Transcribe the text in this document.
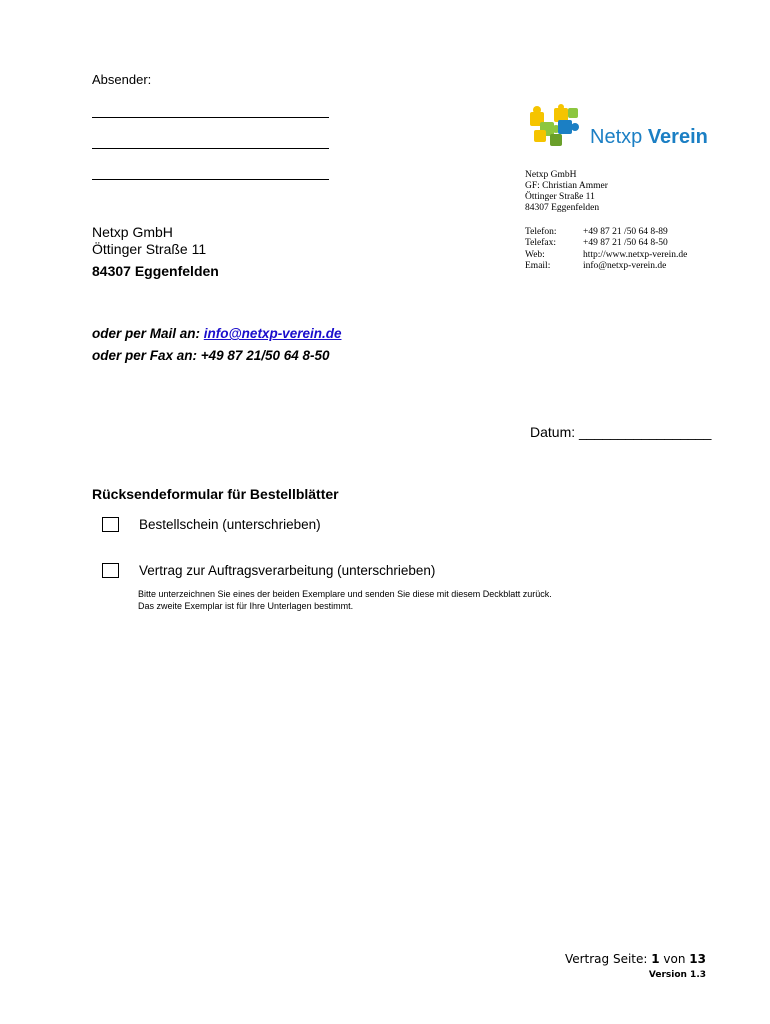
Absender:
Netxp Verein
Netxp GmbH
GF: Christian Ammer
Öttinger Straße 11
84307 Eggenfelden
Telefon:	+49 87 21 /50 64 8-89
Telefax:	+49 87 21 /50 64 8-50
Web:	http://www.netxp-verein.de
Email:	info@netxp-verein.de
Netxp GmbH
Öttinger Straße 11
84307 Eggenfelden
oder per Mail an: info@netxp-verein.de
oder per Fax an: +49 87 21/50 64 8-50
Datum: _________________
Rücksendeformular für Bestellblätter
Bestellschein (unterschrieben)
Vertrag zur Auftragsverarbeitung (unterschrieben)
Bitte unterzeichnen Sie eines der beiden Exemplare und senden Sie diese mit diesem Deckblatt zurück.
Das zweite Exemplar ist für Ihre Unterlagen bestimmt.
Vertrag Seite: 1 von 13
Version 1.3
